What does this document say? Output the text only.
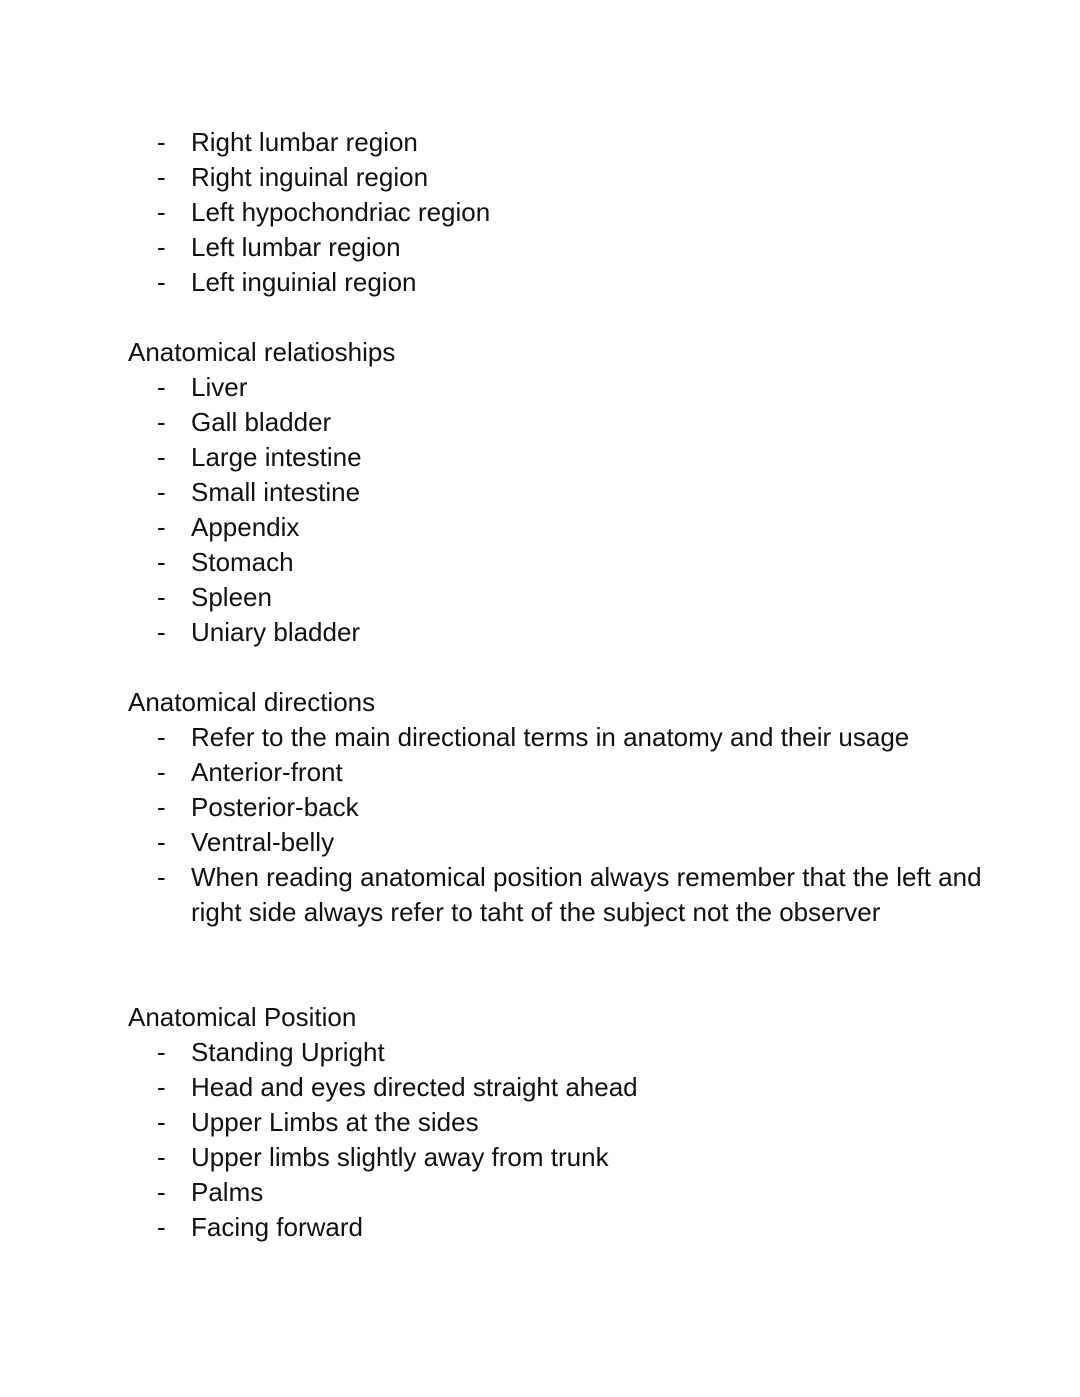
- Right lumbar region
- Right inguinal region
- Left hypochondriac region
- Left lumbar region
- Left inguinial region
Anatomical relatioships
- Liver
- Gall bladder
- Large intestine
- Small intestine
- Appendix
- Stomach
- Spleen
- Uniary bladder
Anatomical directions
- Refer to the main directional terms in anatomy and their usage
- Anterior-front
- Posterior-back
- Ventral-belly
- When reading anatomical position always remember that the left and right side always refer to taht of the subject not the observer
Anatomical Position
- Standing Upright
- Head and eyes directed straight ahead
- Upper Limbs at the sides
- Upper limbs slightly away from trunk
- Palms
- Facing forward
